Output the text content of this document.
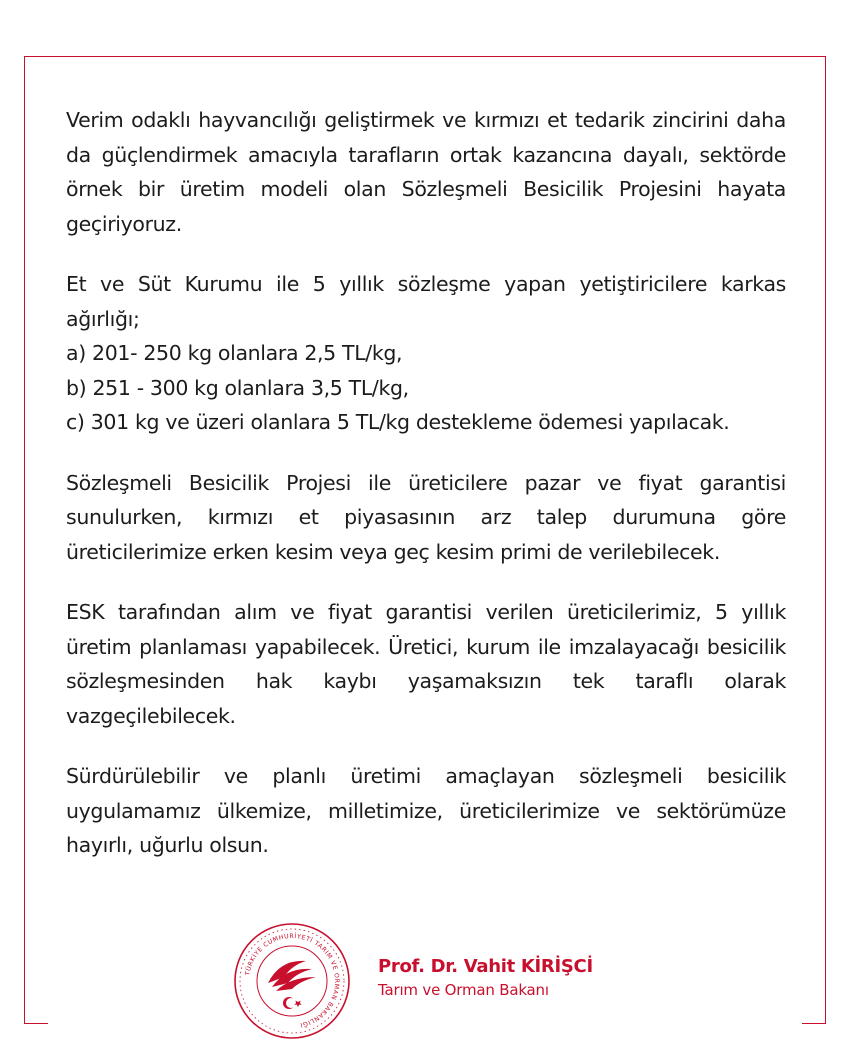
Verim odaklı hayvancılığı geliştirmek ve kırmızı et tedarik zincirini daha da güçlendirmek amacıyla tarafların ortak kazancına dayalı, sektörde örnek bir üretim modeli olan Sözleşmeli Besicilik Projesini hayata geçiriyoruz.

Et ve Süt Kurumu ile 5 yıllık sözleşme yapan yetiştiricilere karkas ağırlığı;
a) 201- 250 kg olanlara 2,5 TL/kg,
b) 251 - 300 kg olanlara 3,5 TL/kg,
c) 301 kg ve üzeri olanlara 5 TL/kg destekleme ödemesi yapılacak.

Sözleşmeli Besicilik Projesi ile üreticilere pazar ve fiyat garantisi sunulurken, kırmızı et piyasasının arz talep durumuna göre üreticilerimize erken kesim veya geç kesim primi de verilebilecek.

ESK tarafından alım ve fiyat garantisi verilen üreticilerimiz, 5 yıllık üretim planlaması yapabilecek. Üretici, kurum ile imzalayacağı besicilik sözleşmesinden hak kaybı yaşamaksızın tek taraflı olarak vazgeçilebilecek.

Sürdürülebilir ve planlı üretimi amaçlayan sözleşmeli besicilik uygulamamız ülkemize, milletimize, üreticilerimize ve sektörümüze hayırlı, uğurlu olsun.

TÜRKİYE CUMHURİYETİ TARIM VE ORMAN BAKANLIĞI
Prof. Dr. Vahit KİRİŞCİ
Tarım ve Orman Bakanı
